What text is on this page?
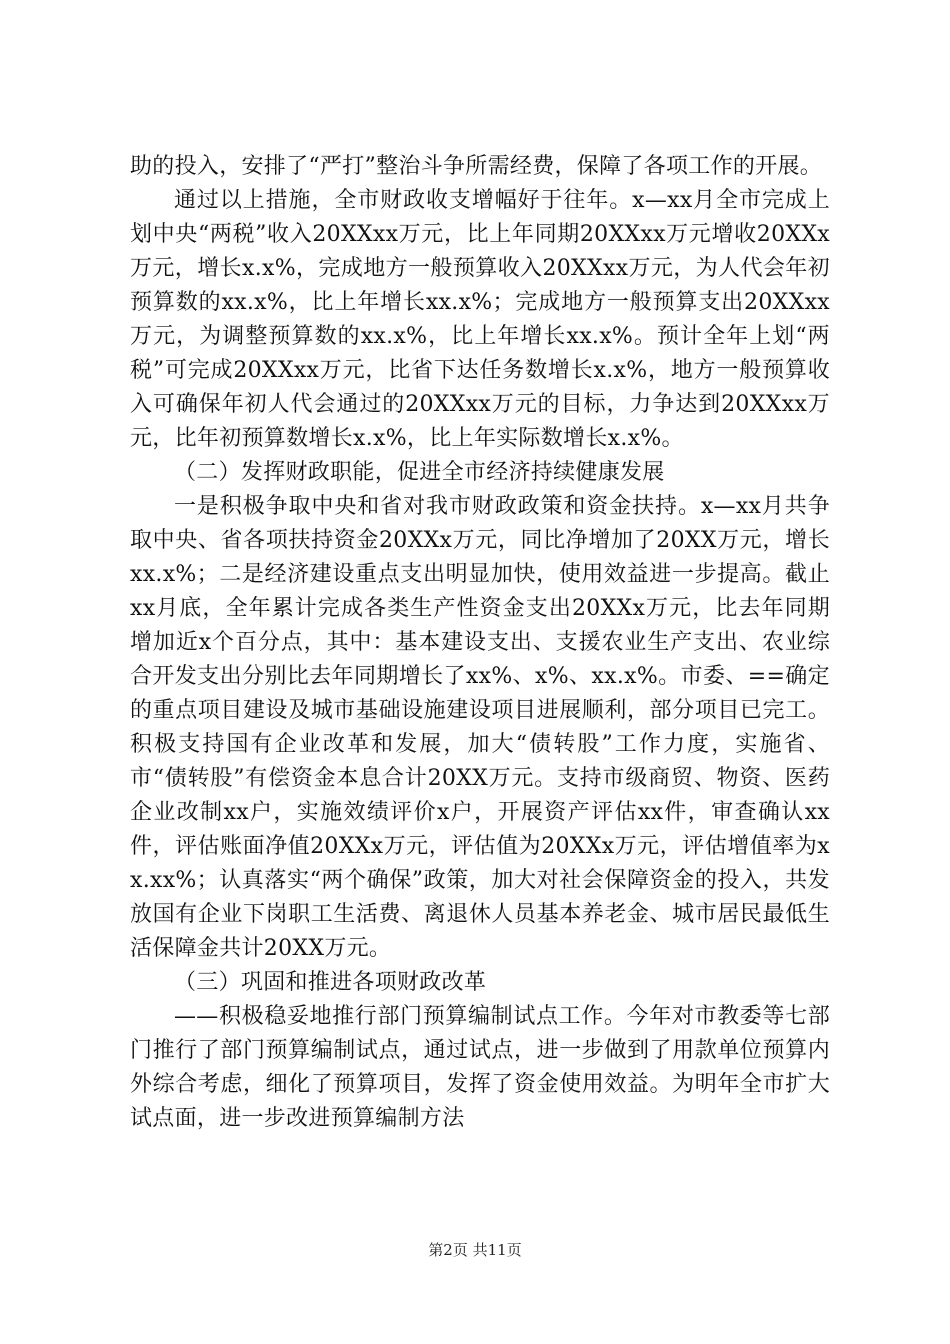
助的投入，安排了“严打”整治斗争所需经费，保障了各项工作的开展。

通过以上措施，全市财政收支增幅好于往年。x—xx月全市完成上划中央“两税”收入20XXxx万元，比上年同期20XXxx万元增收20XXx万元，增长x.x%，完成地方一般预算收入20XXxx万元，为人代会年初预算数的xx.x%，比上年增长xx.x%；完成地方一般预算支出20XXxx万元，为调整预算数的xx.x%，比上年增长xx.x%。预计全年上划“两税”可完成20XXxx万元，比省下达任务数增长x.x%，地方一般预算收入可确保年初人代会通过的20XXxx万元的目标，力争达到20XXxx万元，比年初预算数增长x.x%，比上年实际数增长x.x%。

（二）发挥财政职能，促进全市经济持续健康发展

一是积极争取中央和省对我市财政政策和资金扶持。x—xx月共争取中央、省各项扶持资金20XXx万元，同比净增加了20XX万元，增长xx.x%；二是经济建设重点支出明显加快，使用效益进一步提高。截止xx月底，全年累计完成各类生产性资金支出20XXx万元，比去年同期增加近x个百分点，其中：基本建设支出、支援农业生产支出、农业综合开发支出分别比去年同期增长了xx%、x%、xx.x%。市委、==确定的重点项目建设及城市基础设施建设项目进展顺利，部分项目已完工。积极支持国有企业改革和发展，加大“债转股”工作力度，实施省、市“债转股”有偿资金本息合计20XX万元。支持市级商贸、物资、医药企业改制xx户，实施效绩评价x户，开展资产评估xx件，审查确认xx件，评估账面净值20XXx万元，评估值为20XXx万元，评估增值率为xx.xx%；认真落实“两个确保”政策，加大对社会保障资金的投入，共发放国有企业下岗职工生活费、离退休人员基本养老金、城市居民最低生活保障金共计20XX万元。

（三）巩固和推进各项财政改革

——积极稳妥地推行部门预算编制试点工作。今年对市教委等七部门推行了部门预算编制试点，通过试点，进一步做到了用款单位预算内外综合考虑，细化了预算项目，发挥了资金使用效益。为明年全市扩大试点面，进一步改进预算编制方法

第2页 共11页
